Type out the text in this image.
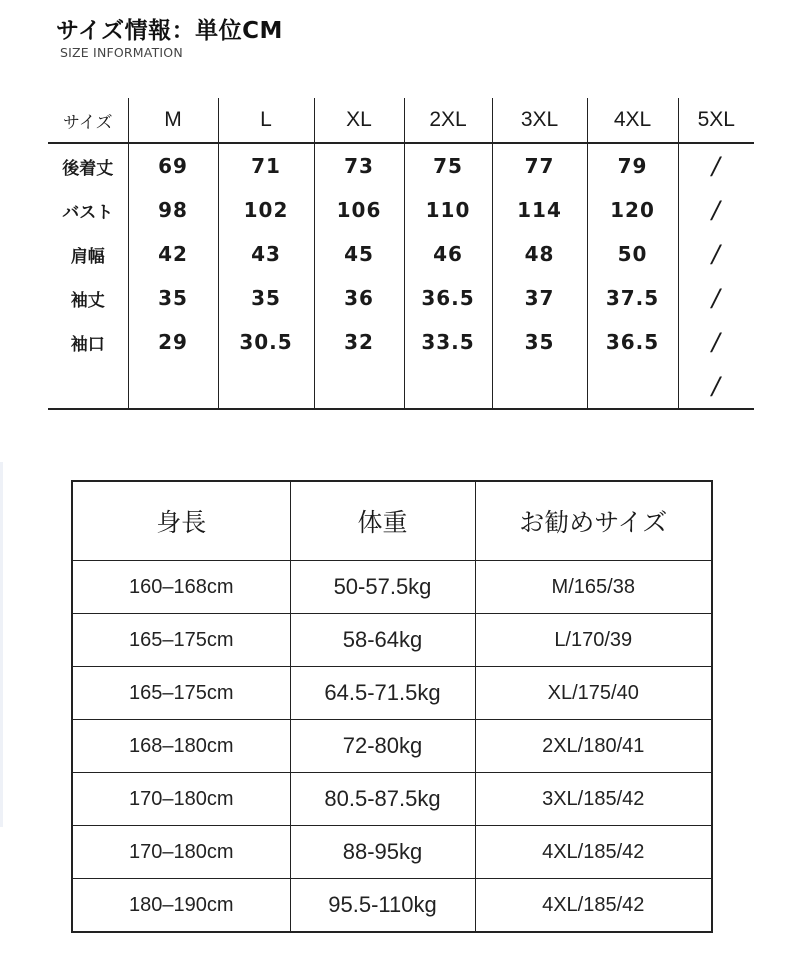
サイズ情報：単位CM
SIZE INFORMATION
サイズ	M	L	XL	2XL	3XL	4XL	5XL
後着丈	69	71	73	75	77	79	/
バスト	98	102	106	110	114	120	/
肩幅	42	43	45	46	48	50	/
袖丈	35	35	36	36.5	37	37.5	/
袖口	29	30.5	32	33.5	35	36.5	/
							/
身長	体重	お勧めサイズ
160–168cm	50-57.5kg	M/165/38
165–175cm	58-64kg	L/170/39
165–175cm	64.5-71.5kg	XL/175/40
168–180cm	72-80kg	2XL/180/41
170–180cm	80.5-87.5kg	3XL/185/42
170–180cm	88-95kg	4XL/185/42
180–190cm	95.5-110kg	4XL/185/42
